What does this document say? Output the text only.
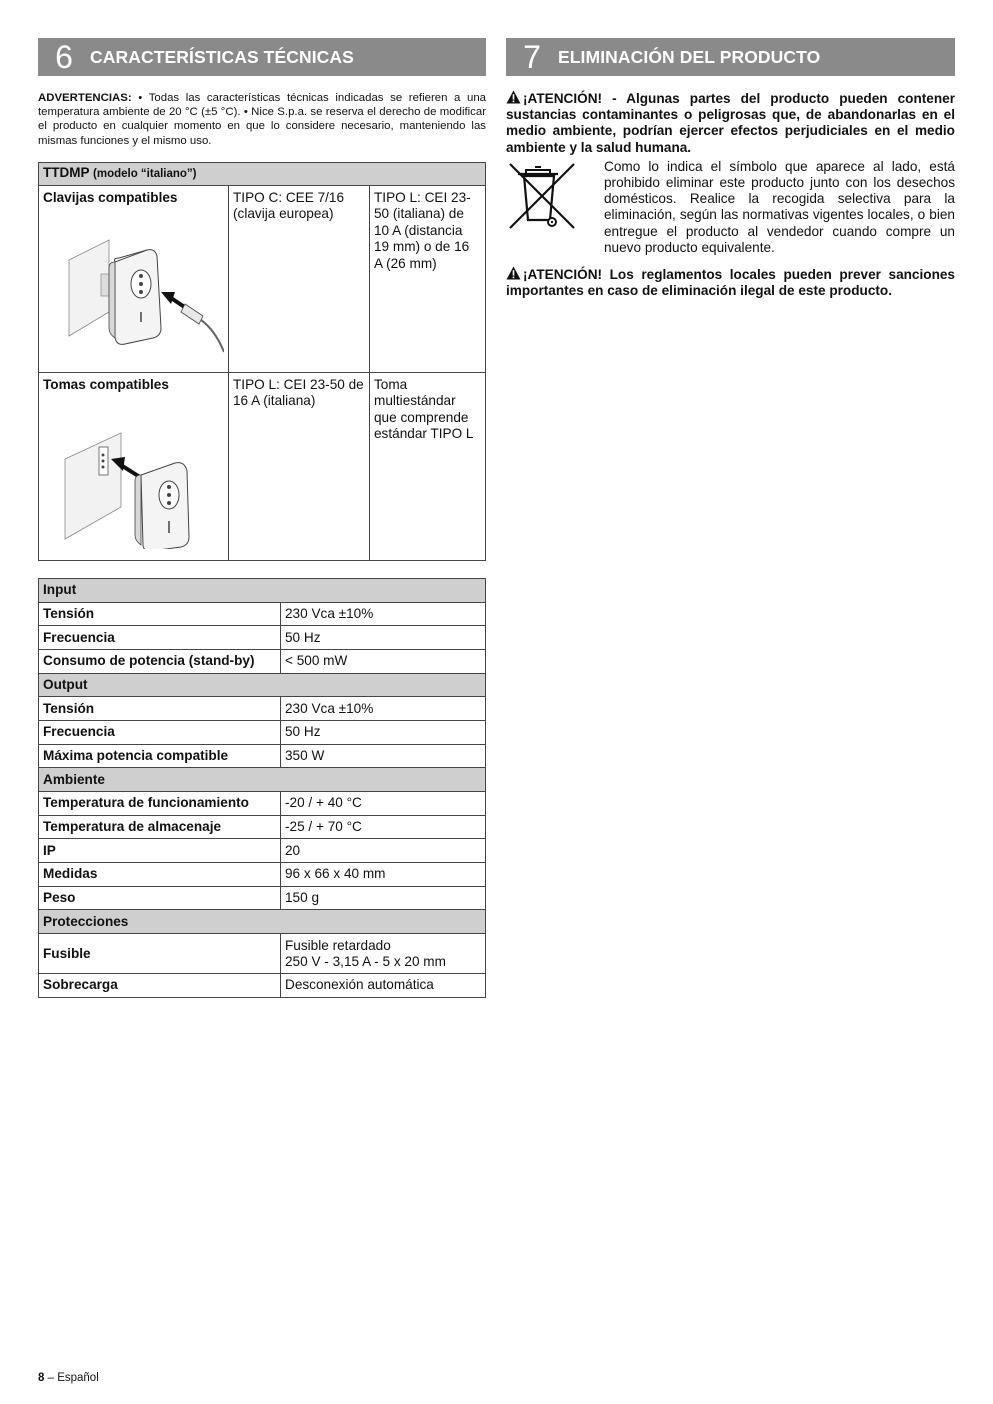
6 CARACTERÍSTICAS TÉCNICAS

ADVERTENCIAS: • Todas las características técnicas indicadas se refieren a una temperatura ambiente de 20 °C (±5 °C). • Nice S.p.a. se reserva el derecho de modificar el producto en cualquier momento en que lo considere necesario, manteniendo las mismas funciones y el mismo uso.

TTDMP (modelo “italiano”)		
Clavijas compatibles	TIPO C: CEE 7/16 (clavija europea)	TIPO L: CEI 23-50 (italiana) de 10 A (distancia 19 mm) o de 16 A (26 mm)
Tomas compatibles	TIPO L: CEI 23-50 de 16 A (italiana)	Toma multiestándar que comprende estándar TIPO L
Input	
Tensión	230 Vca ±10%
Frecuencia	50 Hz
Consumo de potencia (stand-by)	< 500 mW
Output	
Tensión	230 Vca ±10%
Frecuencia	50 Hz
Máxima potencia compatible	350 W
Ambiente	
Temperatura de funcionamiento	-20 / + 40 °C
Temperatura de almacenaje	-25 / + 70 °C
IP	20
Medidas	96 x 66 x 40 mm
Peso	150 g
Protecciones	
Fusible	Fusible retardado
250 V - 3,15 A - 5 x 20 mm
Sobrecarga	Desconexión automática
7 ELIMINACIÓN DEL PRODUCTO

¡ATENCIÓN! - Algunas partes del producto pueden contener sustancias contaminantes o peligrosas que, de abandonarlas en el medio ambiente, podrían ejercer efectos perjudiciales en el medio ambiente y la salud humana.

Como lo indica el símbolo que aparece al lado, está prohibido eliminar este producto junto con los desechos domésticos. Realice la recogida selectiva para la eliminación, según las normativas vigentes locales, o bien entregue el producto al vendedor cuando compre un nuevo producto equivalente.

¡ATENCIÓN! Los reglamentos locales pueden prever sanciones importantes en caso de eliminación ilegal de este producto.

8 – Español
